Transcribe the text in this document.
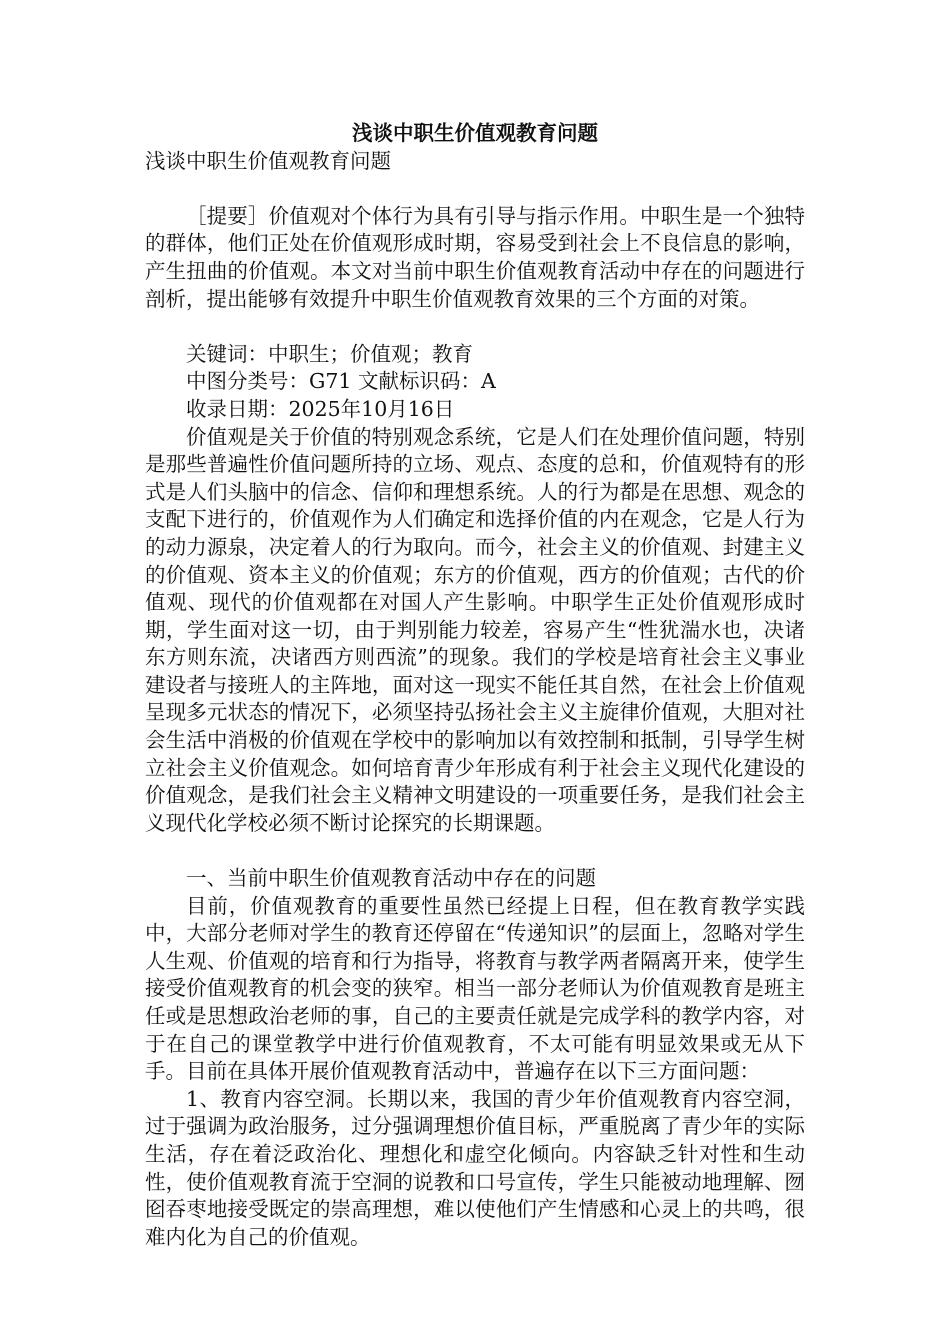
浅谈中职生价值观教育问题

浅谈中职生价值观教育问题

［提要］价值观对个体行为具有引导与指示作用。中职生是一个独特的群体，他们正处在价值观形成时期，容易受到社会上不良信息的影响，产生扭曲的价值观。本文对当前中职生价值观教育活动中存在的问题进行剖析，提出能够有效提升中职生价值观教育效果的三个方面的对策。

关键词：中职生；价值观；教育

中图分类号：G71 文献标识码：A

收录日期：2025年10月16日

价值观是关于价值的特别观念系统，它是人们在处理价值问题，特别是那些普遍性价值问题所持的立场、观点、态度的总和，价值观特有的形式是人们头脑中的信念、信仰和理想系统。人的行为都是在思想、观念的支配下进行的，价值观作为人们确定和选择价值的内在观念，它是人行为的动力源泉，决定着人的行为取向。而今，社会主义的价值观、封建主义的价值观、资本主义的价值观；东方的价值观，西方的价值观；古代的价值观、现代的价值观都在对国人产生影响。中职学生正处价值观形成时期，学生面对这一切，由于判别能力较差，容易产生“性犹湍水也，决诸东方则东流，决诸西方则西流”的现象。我们的学校是培育社会主义事业建设者与接班人的主阵地，面对这一现实不能任其自然，在社会上价值观呈现多元状态的情况下，必须坚持弘扬社会主义主旋律价值观，大胆对社会生活中消极的价值观在学校中的影响加以有效控制和抵制，引导学生树立社会主义价值观念。如何培育青少年形成有利于社会主义现代化建设的价值观念，是我们社会主义精神文明建设的一项重要任务，是我们社会主义现代化学校必须不断讨论探究的长期课题。

一、当前中职生价值观教育活动中存在的问题

目前，价值观教育的重要性虽然已经提上日程，但在教育教学实践中，大部分老师对学生的教育还停留在“传递知识”的层面上，忽略对学生人生观、价值观的培育和行为指导，将教育与教学两者隔离开来，使学生接受价值观教育的机会变的狭窄。相当一部分老师认为价值观教育是班主任或是思想政治老师的事，自己的主要责任就是完成学科的教学内容，对于在自己的课堂教学中进行价值观教育，不太可能有明显效果或无从下手。目前在具体开展价值观教育活动中，普遍存在以下三方面问题：

1、教育内容空洞。长期以来，我国的青少年价值观教育内容空洞，过于强调为政治服务，过分强调理想价值目标，严重脱离了青少年的实际生活，存在着泛政治化、理想化和虚空化倾向。内容缺乏针对性和生动性，使价值观教育流于空洞的说教和口号宣传，学生只能被动地理解、囫囵吞枣地接受既定的崇高理想，难以使他们产生情感和心灵上的共鸣，很难内化为自己的价值观。
